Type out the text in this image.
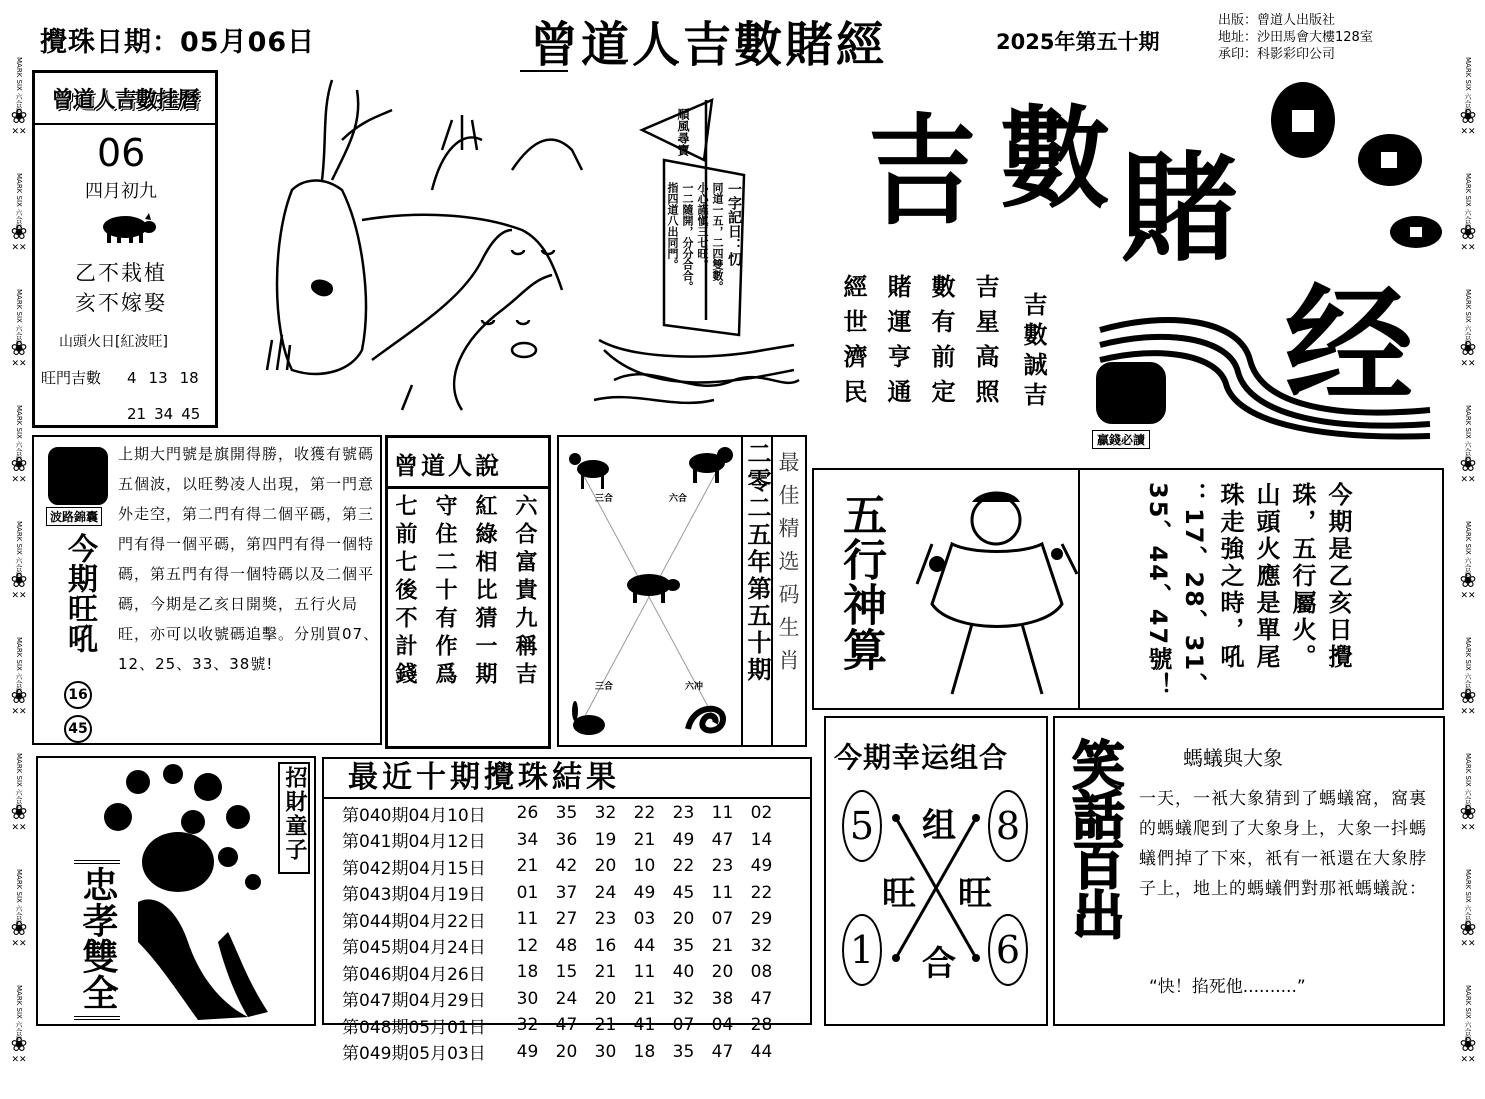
MARK SIX 六合彩
❀
✕✕
MARK SIX 六合彩
❀
✕✕
MARK SIX 六合彩
❀
✕✕
MARK SIX 六合彩
❀
✕✕
MARK SIX 六合彩
❀
✕✕
MARK SIX 六合彩
❀
✕✕
MARK SIX 六合彩
❀
✕✕
MARK SIX 六合彩
❀
✕✕
MARK SIX 六合彩
❀
✕✕
MARK SIX 六合彩
❀
✕✕
MARK SIX 六合彩
❀
✕✕
MARK SIX 六合彩
❀
✕✕
MARK SIX 六合彩
❀
✕✕
MARK SIX 六合彩
❀
✕✕
MARK SIX 六合彩
❀
✕✕
MARK SIX 六合彩
❀
✕✕
MARK SIX 六合彩
❀
✕✕
MARK SIX 六合彩
❀
✕✕
攪珠日期：05月06日	曾道人吉數賭經	2025年第五十期
出版：曾道人出版社
地址：沙田馬會大樓128室
承印：科影彩印公司
曾道人吉數挂曆
06
四月初九
乙不栽植
亥不嫁娶
山頭火日[紅波旺]
旺門吉數 4 13 18
21 34 45
順風尋寶
一字記日：忉
同道一五，二四雙數。
小心謹愼三七旺。
一二隨開，分分合合。
指四道八出同門。 吉 數 賭
经
吉星高照
數有前定
賭運亨通
經世濟民	吉數誠吉
贏錢必讀
波路錦囊
今期旺吼
上期大門號是旗開得勝，收獲有號碼五個波，以旺勢凌人出現，第一門意外走空，第二門有得二個平碼，第三門有得一個平碼，第四門有得一個特碼，第五門有得一個特碼以及二個平碼，今期是乙亥日開獎，五行火局旺，亦可以收號碼追擊。分別買07、12、25、33、38號!
16
45
曾道人說
六合富貴九稱吉
紅綠相比猜一期
守住二十有作爲
七前七後不計錢	三合	六合
三合	六冲
二零二五年第五十期 最佳精选码生肖 五行神算	今期是乙亥日攪
珠，五行屬火。
山頭火應是單尾
珠走強之時，吼
：17、28、31、
35、44、47號！
招財童子
忠孝雙全
最近十期攪珠結果
第040期04月10日	26	35	32	22	23	11	02
第041期04月12日	34	36	19	21	49	47	14
第042期04月15日	21	42	20	10	22	23	49
第043期04月19日	01	37	24	49	45	11	22
第044期04月22日	11	27	23	03	20	07	29
第045期04月24日	12	48	16	44	35	21	32
第046期04月26日	18	15	21	11	40	20	08
第047期04月29日	30	24	20	21	32	38	47
第048期05月01日	32	47	21	41	07	04	28
第049期05月03日	49	20	30	18	35	47	44
今期幸运组合
5	8
1	6
组
旺 旺
合
笑話百出	螞蟻與大象
一天，一衹大象猜到了螞蟻窩，窩裏的螞蟻爬到了大象身上，大象一抖螞蟻們掉了下來，衹有一衹還在大象脖子上，地上的螞蟻們對那衹螞蟻說：
“快！掐死他..........”
